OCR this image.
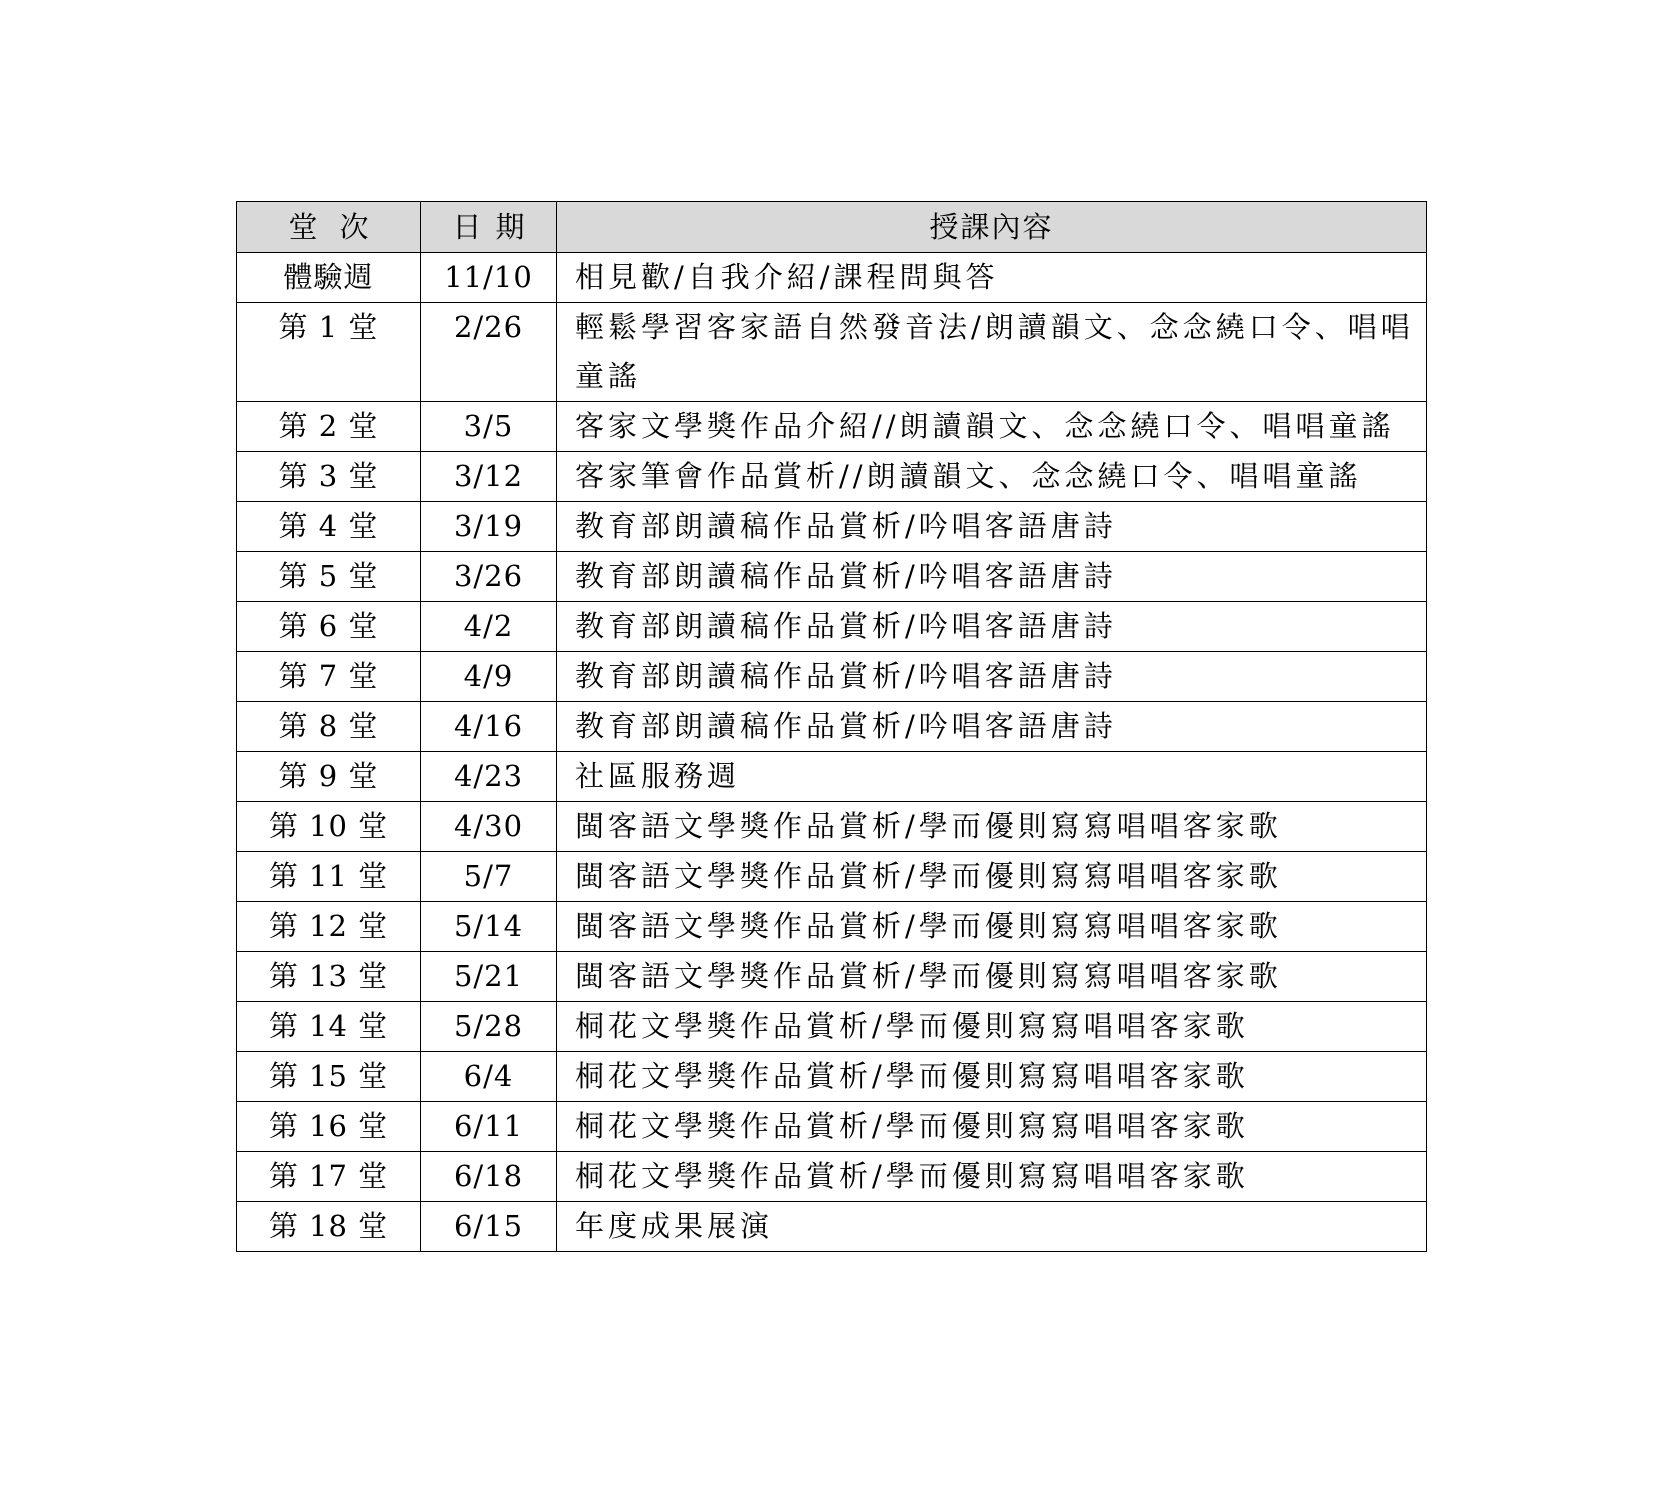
堂次	日期	授課內容
體驗週	11/10	相見歡/自我介紹/課程問與答
第 1 堂	2/26	輕鬆學習客家語自然發音法/朗讀韻文、念念繞口令、唱唱童謠
第 2 堂	3/5	客家文學獎作品介紹//朗讀韻文、念念繞口令、唱唱童謠
第 3 堂	3/12	客家筆會作品賞析//朗讀韻文、念念繞口令、唱唱童謠
第 4 堂	3/19	教育部朗讀稿作品賞析/吟唱客語唐詩
第 5 堂	3/26	教育部朗讀稿作品賞析/吟唱客語唐詩
第 6 堂	4/2	教育部朗讀稿作品賞析/吟唱客語唐詩
第 7 堂	4/9	教育部朗讀稿作品賞析/吟唱客語唐詩
第 8 堂	4/16	教育部朗讀稿作品賞析/吟唱客語唐詩
第 9 堂	4/23	社區服務週
第 10 堂	4/30	閩客語文學獎作品賞析/學而優則寫寫唱唱客家歌
第 11 堂	5/7	閩客語文學獎作品賞析/學而優則寫寫唱唱客家歌
第 12 堂	5/14	閩客語文學獎作品賞析/學而優則寫寫唱唱客家歌
第 13 堂	5/21	閩客語文學獎作品賞析/學而優則寫寫唱唱客家歌
第 14 堂	5/28	桐花文學獎作品賞析/學而優則寫寫唱唱客家歌
第 15 堂	6/4	桐花文學獎作品賞析/學而優則寫寫唱唱客家歌
第 16 堂	6/11	桐花文學獎作品賞析/學而優則寫寫唱唱客家歌
第 17 堂	6/18	桐花文學獎作品賞析/學而優則寫寫唱唱客家歌
第 18 堂	6/15	年度成果展演
